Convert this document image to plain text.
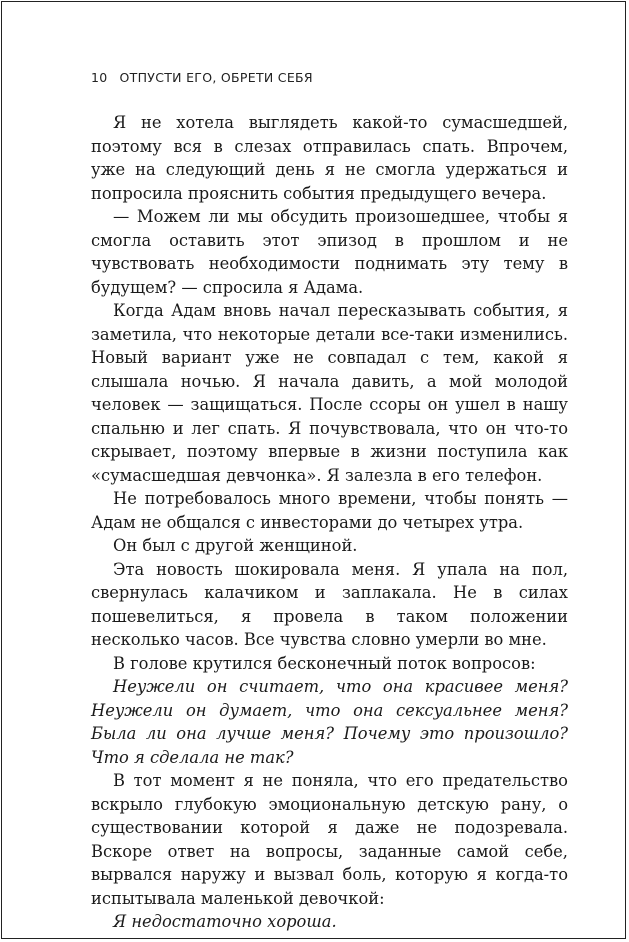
10 ОТПУСТИ ЕГО, ОБРЕТИ СЕБЯ

Я не хотела выглядеть какой-то сумасшедшей, поэтому вся в слезах отправилась спать. Впрочем, уже на следующий день я не смогла удержаться и попросила прояснить события предыдущего вечера.

— Можем ли мы обсудить произошедшее, чтобы я смогла оставить этот эпизод в прошлом и не чувствовать необходимости поднимать эту тему в будущем? — спросила я Адама.

Когда Адам вновь начал пересказывать события, я заметила, что некоторые детали все-таки изменились. Новый вариант уже не совпадал с тем, какой я слышала ночью. Я начала давить, а мой молодой человек — защищаться. После ссоры он ушел в нашу спальню и лег спать. Я почувствовала, что он что-то скрывает, поэтому впервые в жизни поступила как «сумасшедшая девчонка». Я залезла в его телефон.

Не потребовалось много времени, чтобы понять — Адам не общался с инвесторами до четырех утра.

Он был с другой женщиной.

Эта новость шокировала меня. Я упала на пол, свернулась калачиком и заплакала. Не в силах пошевелиться, я провела в таком положении несколько часов. Все чувства словно умерли во мне.

В голове крутился бесконечный поток вопросов:

Неужели он считает, что она красивее меня? Неужели он думает, что она сексуальнее меня? Была ли она лучше меня? Почему это произошло? Что я сделала не так?

В тот момент я не поняла, что его предательство вскрыло глубокую эмоциональную детскую рану, о существовании которой я даже не подозревала. Вскоре ответ на вопросы, заданные самой себе, вырвался наружу и вызвал боль, которую я когда-то испытывала маленькой девочкой:

Я недостаточно хороша.
